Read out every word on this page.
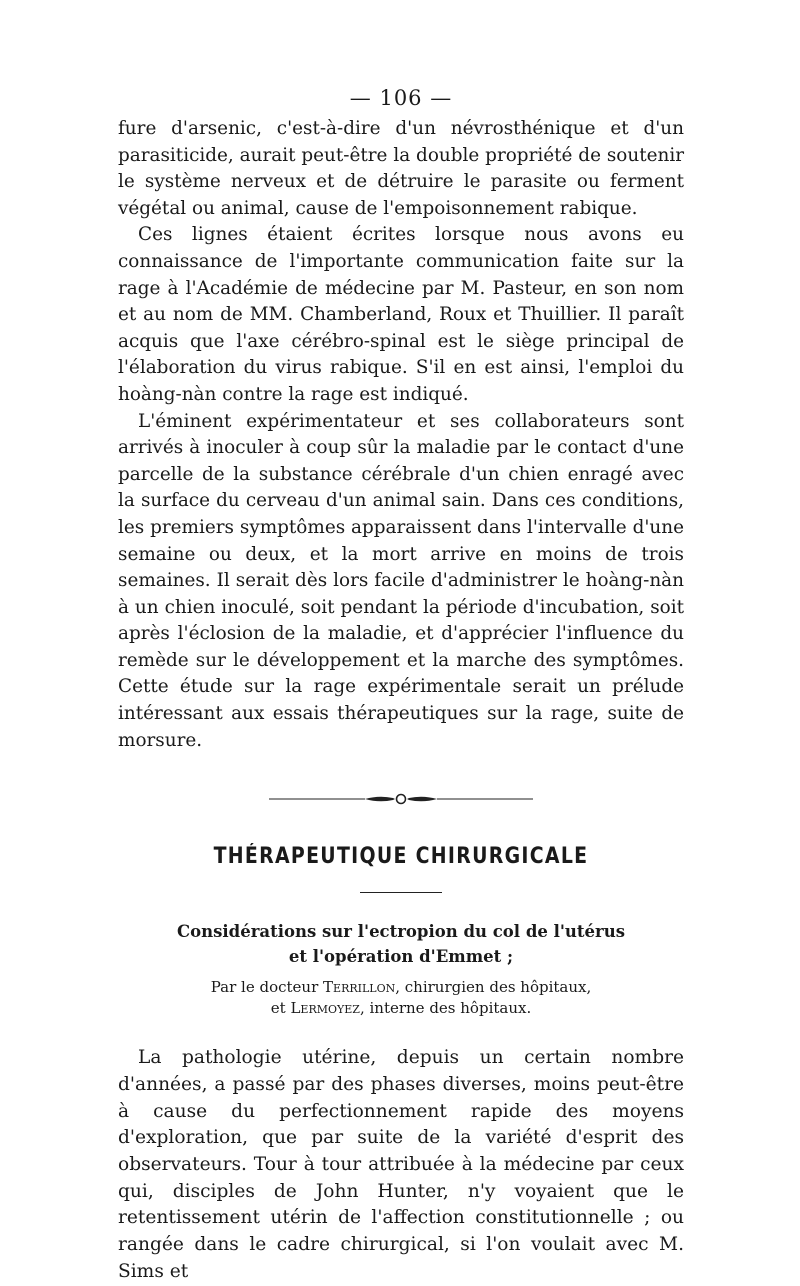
— 106 —

fure d'arsenic, c'est-à-dire d'un névrosthénique et d'un parasiticide, aurait peut-être la double propriété de soutenir le système nerveux et de détruire le parasite ou ferment végétal ou animal, cause de l'empoisonnement rabique.

Ces lignes étaient écrites lorsque nous avons eu connaissance de l'importante communication faite sur la rage à l'Académie de médecine par M. Pasteur, en son nom et au nom de MM. Chamberland, Roux et Thuillier. Il paraît acquis que l'axe cérébro-spinal est le siège principal de l'élaboration du virus rabique. S'il en est ainsi, l'emploi du hoàng-nàn contre la rage est indiqué.

L'éminent expérimentateur et ses collaborateurs sont arrivés à inoculer à coup sûr la maladie par le contact d'une parcelle de la substance cérébrale d'un chien enragé avec la surface du cerveau d'un animal sain. Dans ces conditions, les premiers symptômes apparaissent dans l'intervalle d'une semaine ou deux, et la mort arrive en moins de trois semaines. Il serait dès lors facile d'administrer le hoàng-nàn à un chien inoculé, soit pendant la période d'incubation, soit après l'éclosion de la maladie, et d'apprécier l'influence du remède sur le développement et la marche des symptômes. Cette étude sur la rage expérimentale serait un prélude intéressant aux essais thérapeutiques sur la rage, suite de morsure.

THÉRAPEUTIQUE CHIRURGICALE

Considérations sur l'ectropion du col de l'utérus
et l'opération d'Emmet ;

Par le docteur Terrillon, chirurgien des hôpitaux,
et Lermoyez, interne des hôpitaux.

La pathologie utérine, depuis un certain nombre d'années, a passé par des phases diverses, moins peut-être à cause du perfectionnement rapide des moyens d'exploration, que par suite de la variété d'esprit des observateurs. Tour à tour attribuée à la médecine par ceux qui, disciples de John Hunter, n'y voyaient que le retentissement utérin de l'affection constitutionnelle ; ou rangée dans le cadre chirurgical, si l'on voulait avec M. Sims et
